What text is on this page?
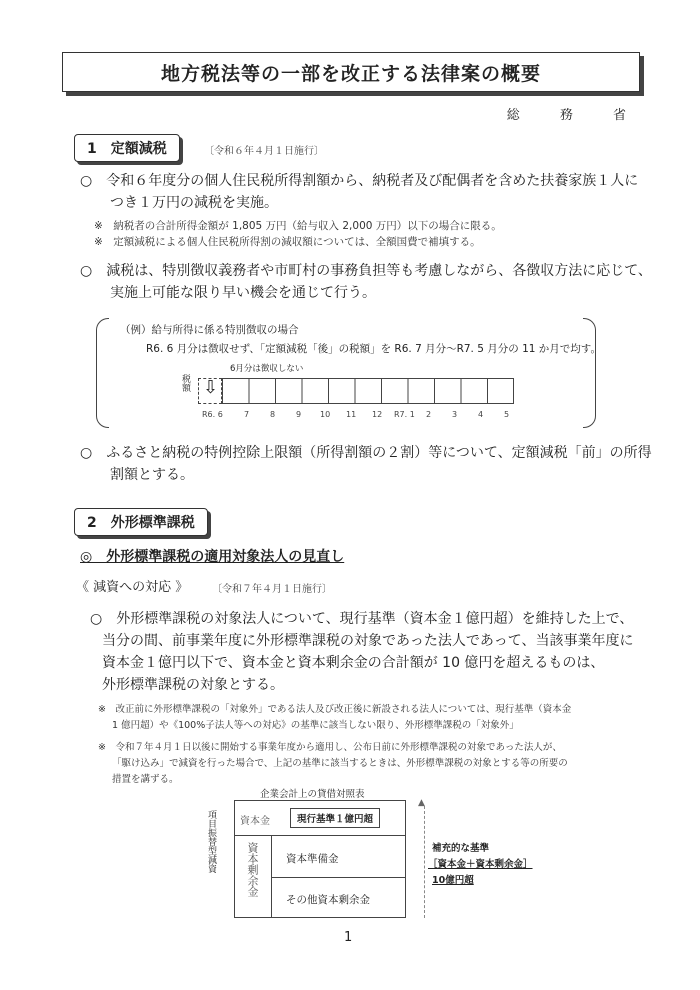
地方税法等の一部を改正する法律案の概要
総 務 省
1　定額減税	〔令和６年４月１日施行〕
○　令和６年度分の個人住民税所得割額から、納税者及び配偶者を含めた扶養家族１人に
つき１万円の減税を実施。
※　納税者の合計所得金額が 1,805 万円（給与収入 2,000 万円）以下の場合に限る。
※　定額減税による個人住民税所得割の減収額については、全額国費で補填する。
○　減税は、特別徴収義務者や市町村の事務負担等も考慮しながら、各徴収方法に応じて、
実施上可能な限り早い機会を通じて行う。
（例）給与所得に係る特別徴収の場合
R6. 6 月分は徴収せず、「定額減税「後」の税額」を R6. 7 月分～R7. 5 月分の 11 か月で均す。
6月分は徴収しない
税額 ⇩
R6. 6	7	8	9 10 11 12 R7. 1 2	3	4	5
○　ふるさと納税の特例控除上限額（所得割額の２割）等について、定額減税「前」の所得
割額とする。
2　外形標準課税
◎　外形標準課税の適用対象法人の見直し
《 減資への対応 》 〔令和７年４月１日施行〕
○　外形標準課税の対象法人について、現行基準（資本金１億円超）を維持した上で、
当分の間、前事業年度に外形標準課税の対象であった法人であって、当該事業年度に
資本金１億円以下で、資本金と資本剰余金の合計額が 10 億円を超えるものは、
外形標準課税の対象とする。
※　改正前に外形標準課税の「対象外」である法人及び改正後に新設される法人については、現行基準（資本金
1 億円超）や《100%子法人等への対応》の基準に該当しない限り、外形標準課税の「対象外」
※　令和７年４月１日以後に開始する事業年度から適用し、公布日前に外形標準課税の対象であった法人が、
「駆け込み」で減資を行った場合で、上記の基準に該当するときは、外形標準課税の対象とする等の所要の
措置を講ずる。
企業会計上の貸借対照表
項目振替型減資 資本金	現行基準１億円超
資本剰余金	資本準備金
その他資本剰余金
▲
補充的な基準
［資本金＋資本剰余金］
10億円超
1
